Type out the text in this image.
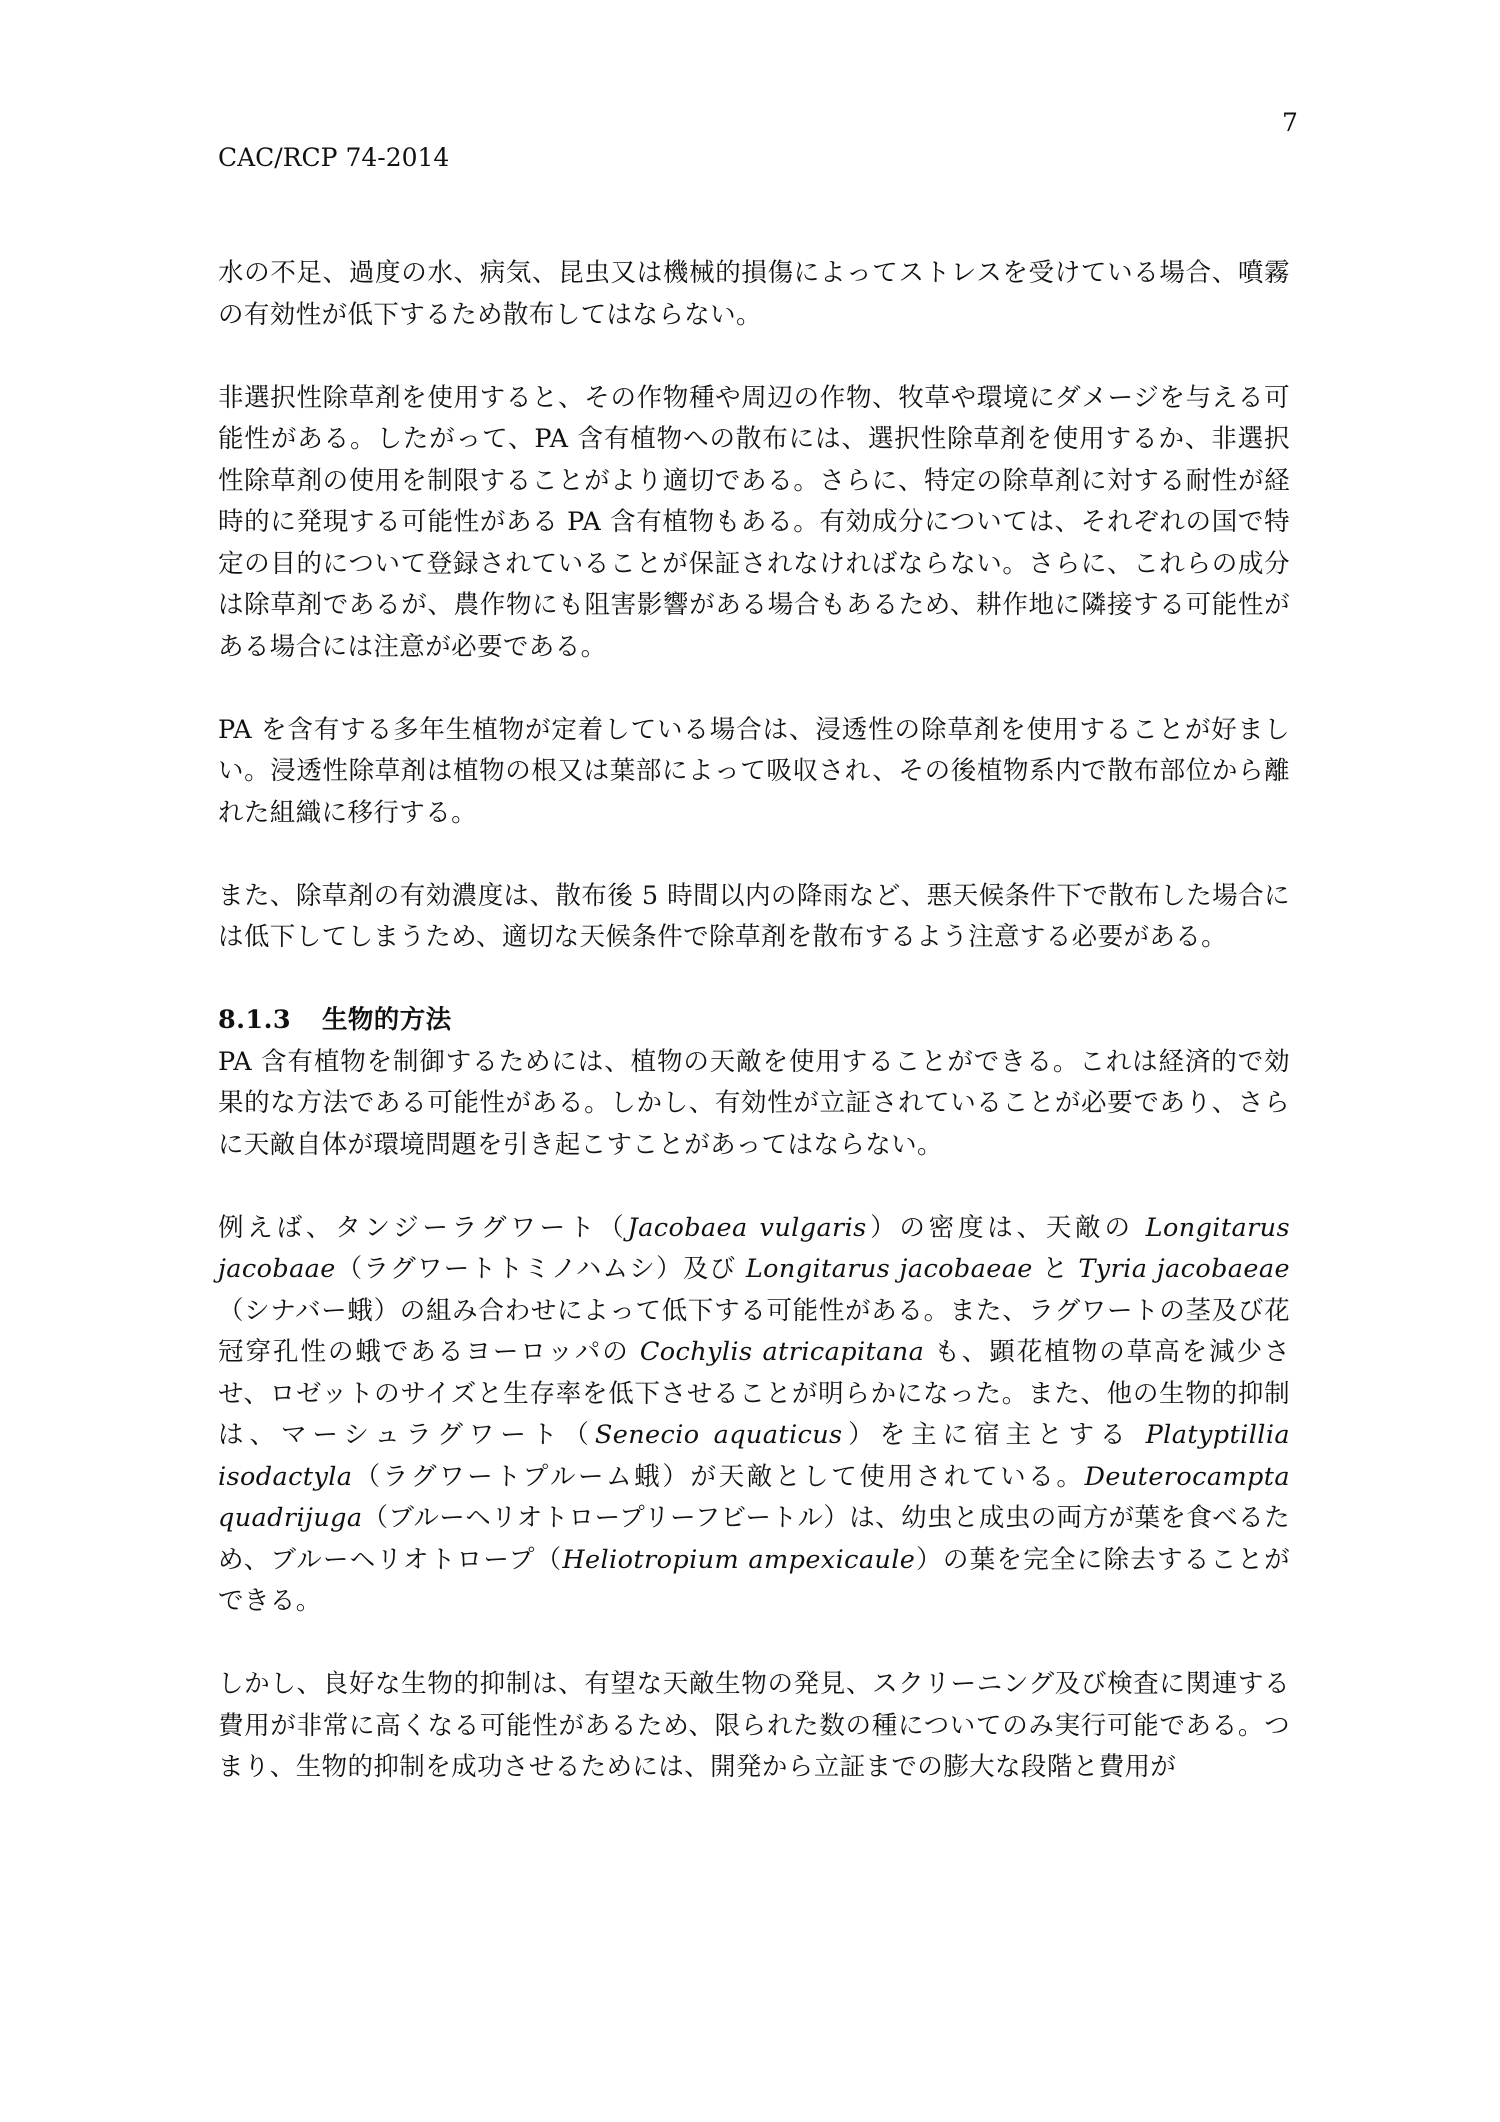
7
CAC/RCP 74-2014

水の不足、過度の水、病気、昆虫又は機械的損傷によってストレスを受けている場合、噴霧の有効性が低下するため散布してはならない。

非選択性除草剤を使用すると、その作物種や周辺の作物、牧草や環境にダメージを与える可能性がある。したがって、PA 含有植物への散布には、選択性除草剤を使用するか、非選択性除草剤の使用を制限することがより適切である。さらに、特定の除草剤に対する耐性が経時的に発現する可能性がある PA 含有植物もある。有効成分については、それぞれの国で特定の目的について登録されていることが保証されなければならない。さらに、これらの成分は除草剤であるが、農作物にも阻害影響がある場合もあるため、耕作地に隣接する可能性がある場合には注意が必要である。

PA を含有する多年生植物が定着している場合は、浸透性の除草剤を使用することが好ましい。浸透性除草剤は植物の根又は葉部によって吸収され、その後植物系内で散布部位から離れた組織に移行する。

また、除草剤の有効濃度は、散布後 5 時間以内の降雨など、悪天候条件下で散布した場合には低下してしまうため、適切な天候条件で除草剤を散布するよう注意する必要がある。

8.1.3 生物的方法

PA 含有植物を制御するためには、植物の天敵を使用することができる。これは経済的で効果的な方法である可能性がある。しかし、有効性が立証されていることが必要であり、さらに天敵自体が環境問題を引き起こすことがあってはならない。

例えば、タンジーラグワート（Jacobaea vulgaris）の密度は、天敵の Longitarus jacobaae（ラグワートトミノハムシ）及び Longitarus jacobaeae と Tyria jacobaeae（シナバー蛾）の組み合わせによって低下する可能性がある。また、ラグワートの茎及び花冠穿孔性の蛾であるヨーロッパの Cochylis atricapitana も、顕花植物の草高を減少させ、ロゼットのサイズと生存率を低下させることが明らかになった。また、他の生物的抑制は、マーシュラグワート（Senecio aquaticus）を主に宿主とする Platyptillia isodactyla（ラグワートプルーム蛾）が天敵として使用されている。Deuterocampta quadrijuga（ブルーヘリオトロープリーフビートル）は、幼虫と成虫の両方が葉を食べるため、ブルーヘリオトロープ（Heliotropium ampexicaule）の葉を完全に除去することができる。

しかし、良好な生物的抑制は、有望な天敵生物の発見、スクリーニング及び検査に関連する費用が非常に高くなる可能性があるため、限られた数の種についてのみ実行可能である。つまり、生物的抑制を成功させるためには、開発から立証までの膨大な段階と費用が
